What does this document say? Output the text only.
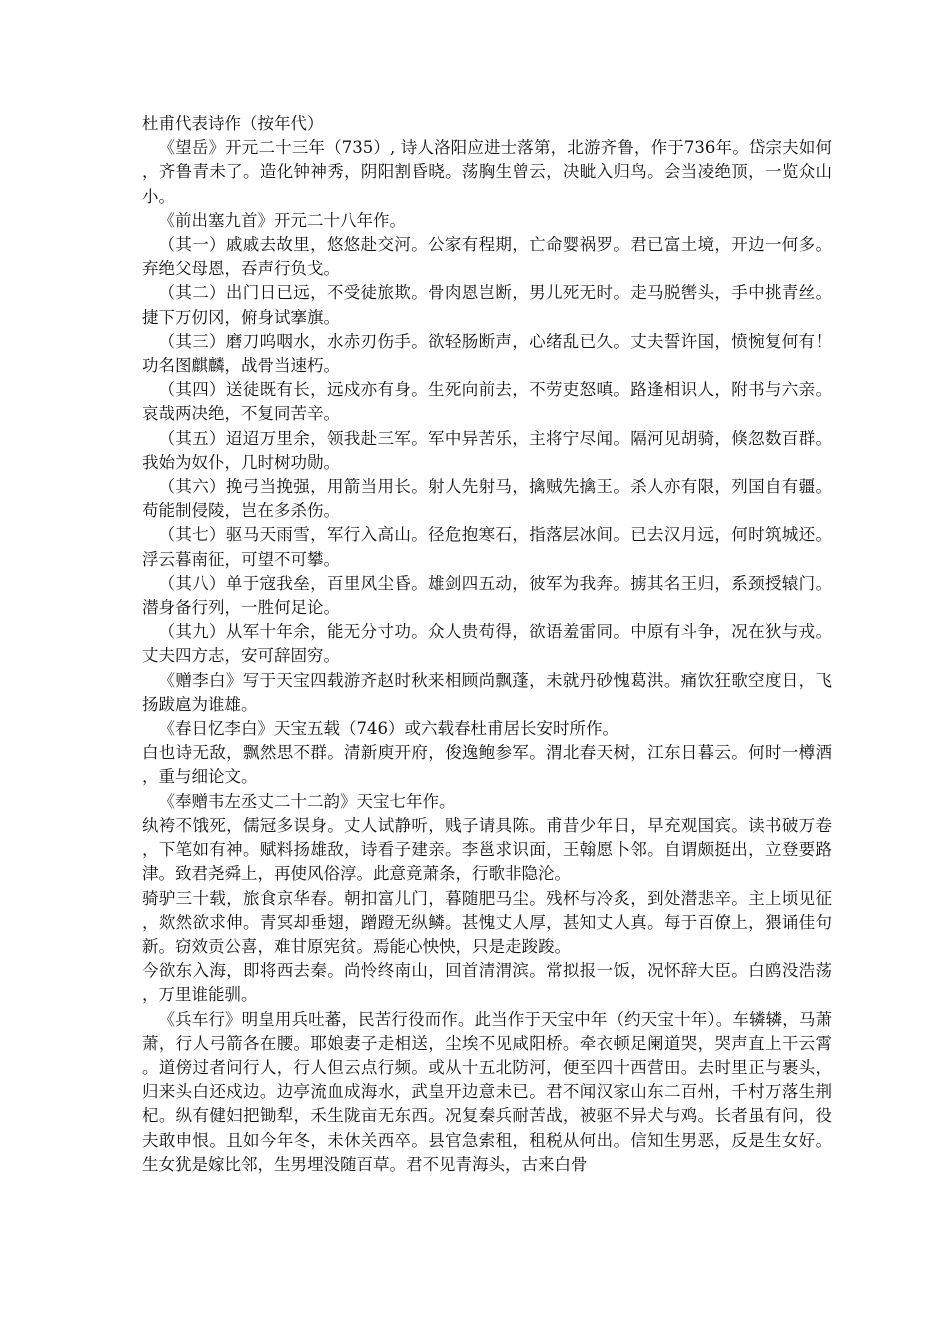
杜甫代表诗作（按年代）

《望岳》开元二十三年（735）, 诗人洛阳应进士落第，北游齐鲁，作于736年。岱宗夫如何，齐鲁青未了。造化钟神秀，阴阳割昏晓。荡胸生曾云，决眦入归鸟。会当凌绝顶，一览众山小。

《前出塞九首》开元二十八年作。

（其一）戚戚去故里，悠悠赴交河。公家有程期，亡命婴祸罗。君已富土境，开边一何多。弃绝父母恩，吞声行负戈。

（其二）出门日已远，不受徒旅欺。骨肉恩岂断，男儿死无时。走马脱辔头，手中挑青丝。捷下万仞冈，俯身试搴旗。

（其三）磨刀呜咽水，水赤刃伤手。欲轻肠断声，心绪乱已久。丈夫誓许国，愤惋复何有！功名图麒麟，战骨当速朽。

（其四）送徒既有长，远戍亦有身。生死向前去，不劳吏怒嗔。路逢相识人，附书与六亲。哀哉两决绝，不复同苦辛。

（其五）迢迢万里余，领我赴三军。军中异苦乐，主将宁尽闻。隔河见胡骑，倏忽数百群。我始为奴仆，几时树功勋。

（其六）挽弓当挽强，用箭当用长。射人先射马，擒贼先擒王。杀人亦有限，列国自有疆。苟能制侵陵，岂在多杀伤。

（其七）驱马天雨雪，军行入高山。径危抱寒石，指落层冰间。已去汉月远，何时筑城还。浮云暮南征，可望不可攀。

（其八）单于寇我垒，百里风尘昏。雄剑四五动，彼军为我奔。掳其名王归，系颈授辕门。潜身备行列，一胜何足论。

（其九）从军十年余，能无分寸功。众人贵苟得，欲语羞雷同。中原有斗争，况在狄与戎。丈夫四方志，安可辞固穷。

《赠李白》写于天宝四载游齐赵时秋来相顾尚飘蓬，未就丹砂愧葛洪。痛饮狂歌空度日，飞扬跋扈为谁雄。

《春日忆李白》天宝五载（746）或六载春杜甫居长安时所作。

白也诗无敌，飘然思不群。清新庾开府，俊逸鲍参军。渭北春天树，江东日暮云。何时一樽酒，重与细论文。

《奉赠韦左丞丈二十二韵》天宝七年作。

纨袴不饿死，儒冠多误身。丈人试静听，贱子请具陈。甫昔少年日，早充观国宾。读书破万卷，下笔如有神。赋料扬雄敌，诗看子建亲。李邕求识面，王翰愿卜邻。自谓颇挺出，立登要路津。致君尧舜上，再使风俗淳。此意竟萧条，行歌非隐沦。

骑驴三十载，旅食京华春。朝扣富儿门，暮随肥马尘。残杯与冷炙，到处潜悲辛。主上顷见征，欻然欲求伸。青冥却垂翅，蹭蹬无纵鳞。甚愧丈人厚，甚知丈人真。每于百僚上，猥诵佳句新。窃效贡公喜，难甘原宪贫。焉能心怏怏，只是走踆踆。

今欲东入海，即将西去秦。尚怜终南山，回首清渭滨。常拟报一饭，况怀辞大臣。白鸥没浩荡，万里谁能驯。

《兵车行》明皇用兵吐蕃，民苦行役而作。此当作于天宝中年（约天宝十年）。车辚辚，马萧萧，行人弓箭各在腰。耶娘妻子走相送，尘埃不见咸阳桥。牵衣顿足阑道哭，哭声直上干云霄。道傍过者问行人，行人但云点行频。或从十五北防河，便至四十西营田。去时里正与裹头，归来头白还戍边。边亭流血成海水，武皇开边意未已。君不闻汉家山东二百州，千村万落生荆杞。纵有健妇把锄犁，禾生陇亩无东西。况复秦兵耐苦战，被驱不异犬与鸡。长者虽有问，役夫敢申恨。且如今年冬，未休关西卒。县官急索租，租税从何出。信知生男恶，反是生女好。生女犹是嫁比邻，生男埋没随百草。君不见青海头，古来白骨
